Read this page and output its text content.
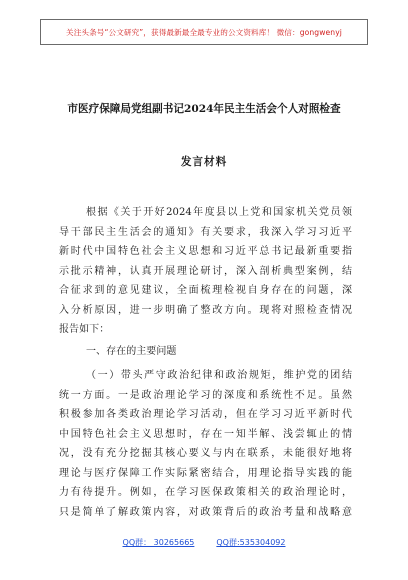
关注头条号“公文研究”，获得最新最全最专业的公文资料库！ 微信：gongwenyj
市医疗保障局党组副书记2024年民主生活会个人对照检查
发言材料
根据《关于开好2024年度县以上党和国家机关党员领
导干部民主生活会的通知》有关要求，我深入学习习近平
新时代中国特色社会主义思想和习近平总书记最新重要指
示批示精神，认真开展理论研讨，深入剖析典型案例，结
合征求到的意见建议，全面梳理检视自身存在的问题，深
入分析原因，进一步明确了整改方向。现将对照检查情况
报告如下：
一、存在的主要问题
（一）带头严守政治纪律和政治规矩，维护党的团结
统一方面。一是政治理论学习的深度和系统性不足。虽然
积极参加各类政治理论学习活动，但在学习习近平新时代
中国特色社会主义思想时，存在一知半解、浅尝辄止的情
况，没有充分挖掘其核心要义与内在联系，未能很好地将
理论与医疗保障工作实际紧密结合，用理论指导实践的能
力有待提升。例如，在学习医保政策相关的政治理论时，
只是简单了解政策内容，对政策背后的政治考量和战略意
QQ群： 30265665	QQ群:535304092
